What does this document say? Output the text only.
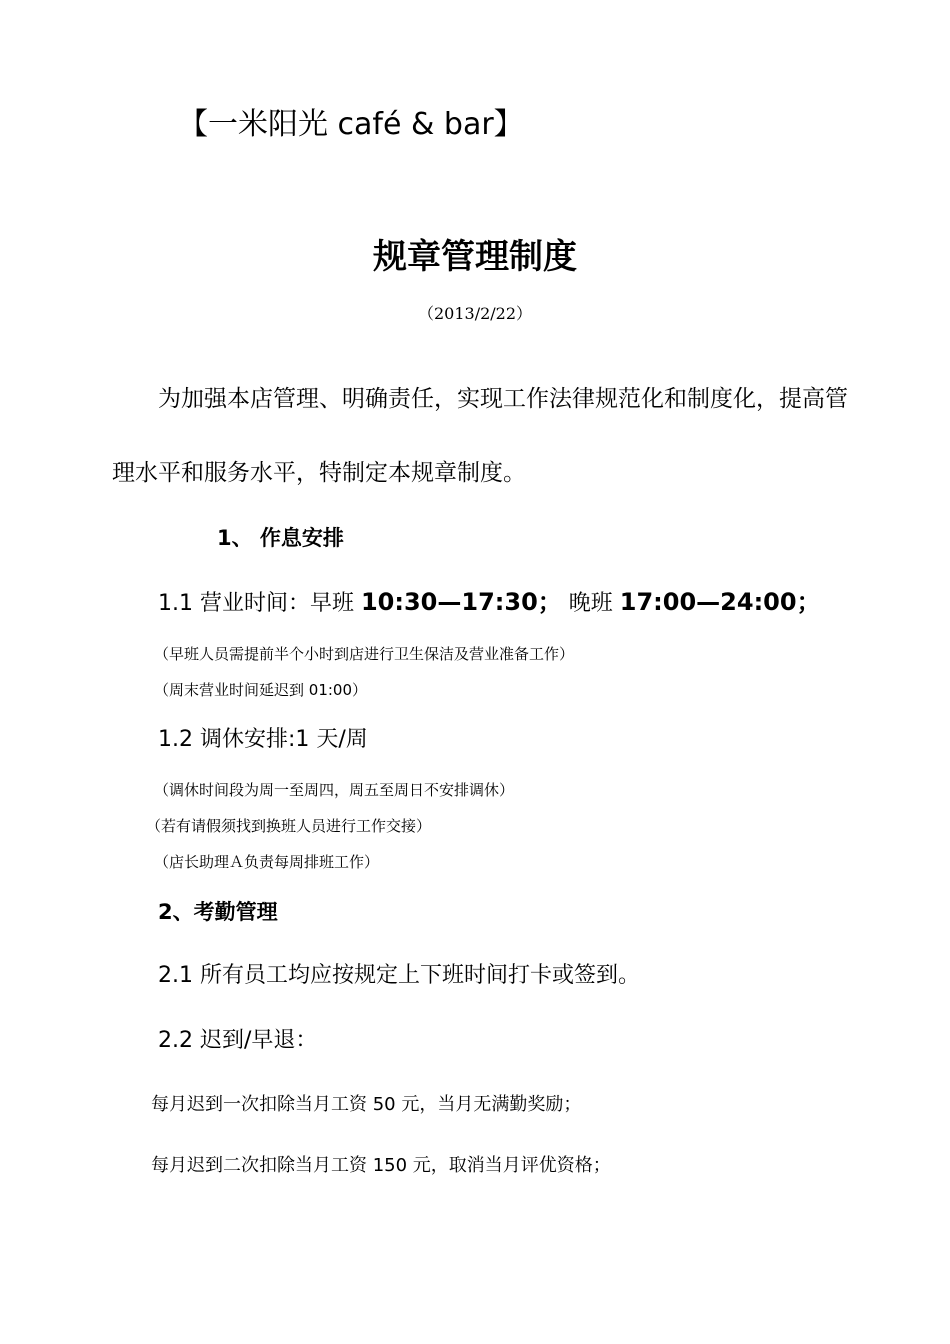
【一米阳光 café & bar】
规章管理制度
（2013/2/22）
为加强本店管理、明确责任，实现工作法律规范化和制度化，提高管
理水平和服务水平，特制定本规章制度。
1、 作息安排
1.1 营业时间：早班 10:30—17:30； 晚班 17:00—24:00；
（早班人员需提前半个小时到店进行卫生保洁及营业准备工作）
（周末营业时间延迟到 01:00）
1.2 调休安排:1 天/周
（调休时间段为周一至周四，周五至周日不安排调休）
（若有请假须找到换班人员进行工作交接）
（店长助理Ａ负责每周排班工作）
2、考勤管理
2.1 所有员工均应按规定上下班时间打卡或签到。
2.2 迟到/早退：
每月迟到一次扣除当月工资 50 元，当月无满勤奖励；
每月迟到二次扣除当月工资 150 元，取消当月评优资格；
